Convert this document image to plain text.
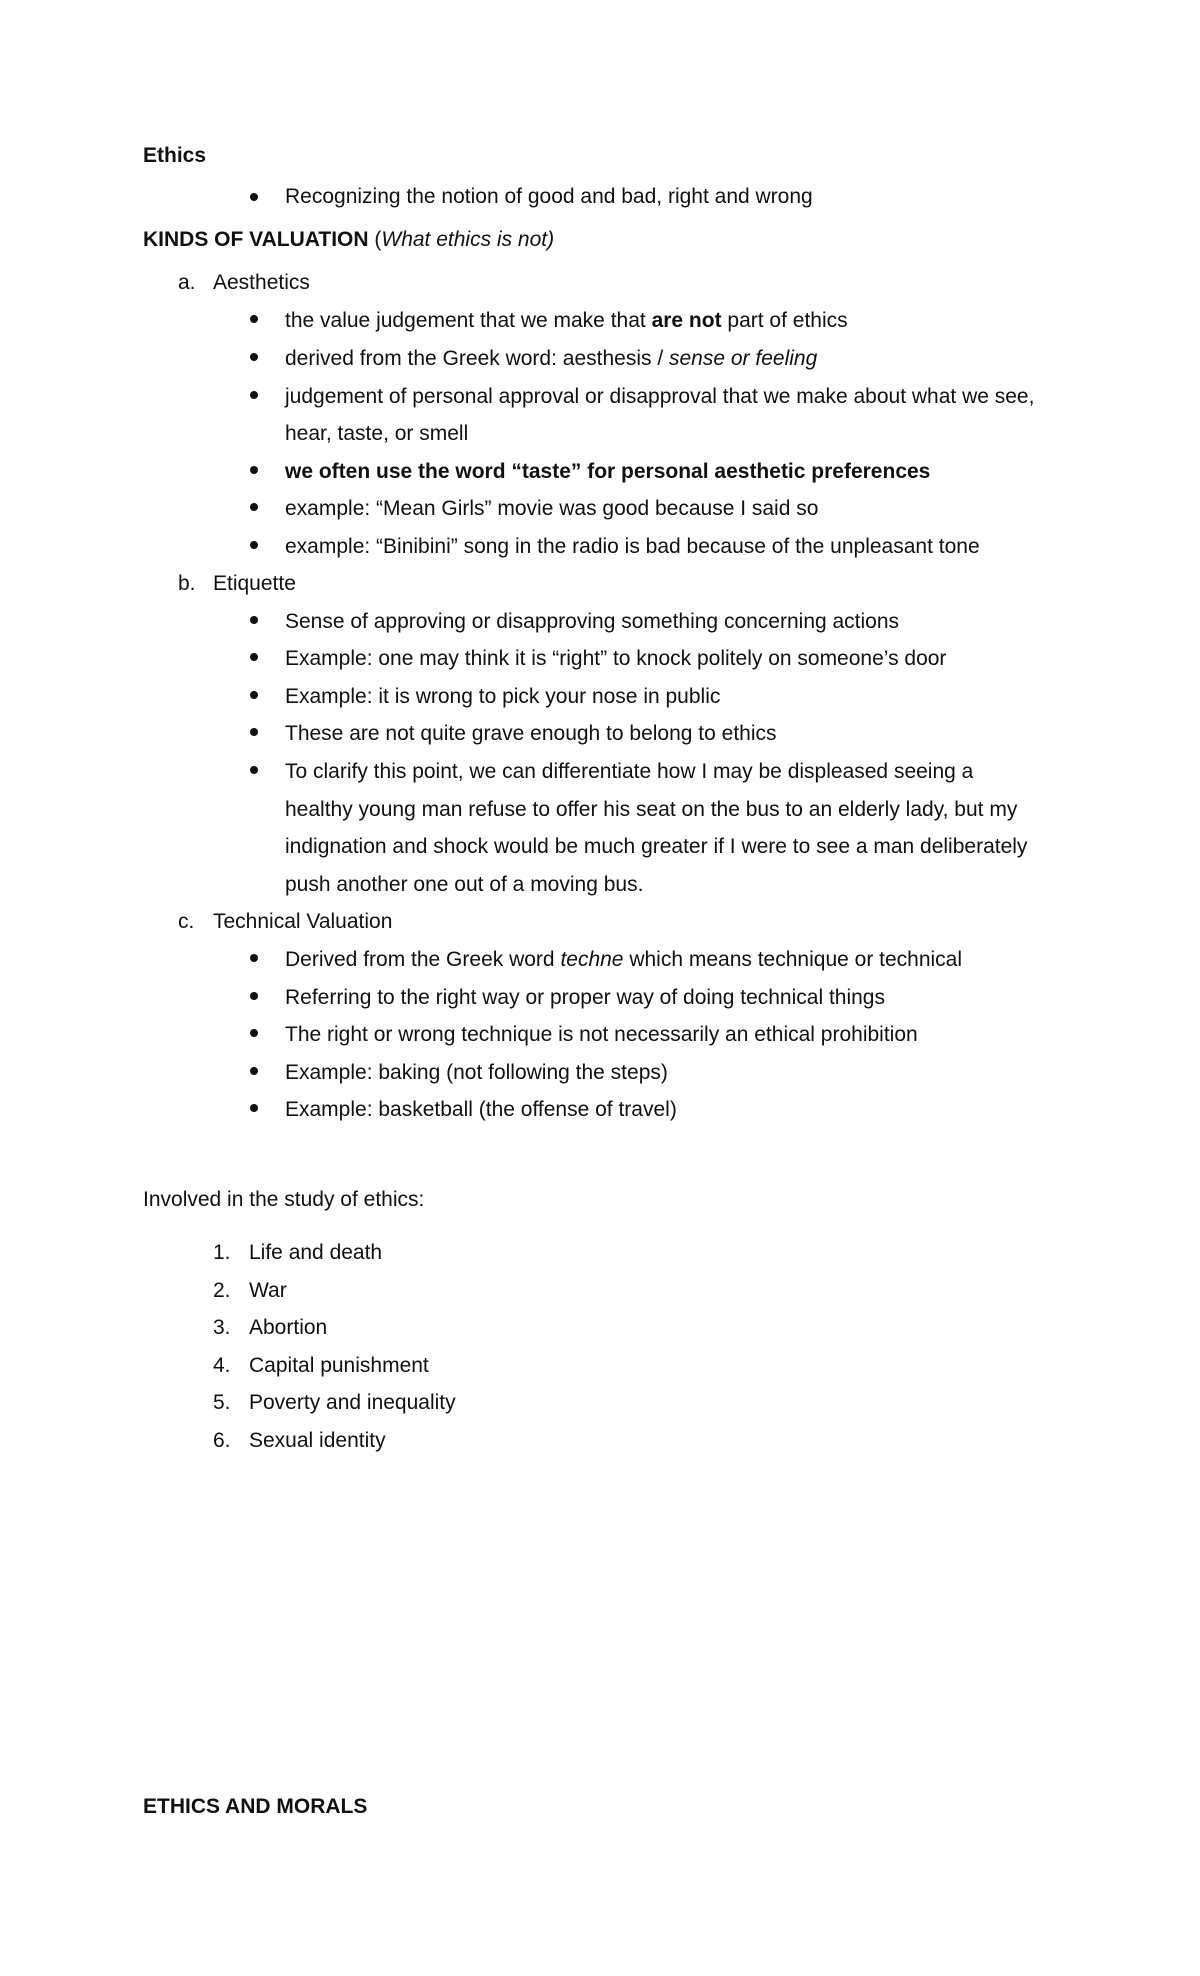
Ethics
Recognizing the notion of good and bad, right and wrong
KINDS OF VALUATION (What ethics is not)
a. Aesthetics
the value judgement that we make that are not part of ethics
derived from the Greek word: aesthesis / sense or feeling
judgement of personal approval or disapproval that we make about what we see,
hear, taste, or smell
we often use the word “taste” for personal aesthetic preferences
example: “Mean Girls” movie was good because I said so
example: “Binibini” song in the radio is bad because of the unpleasant tone
b. Etiquette
Sense of approving or disapproving something concerning actions
Example: one may think it is “right” to knock politely on someone’s door
Example: it is wrong to pick your nose in public
These are not quite grave enough to belong to ethics
To clarify this point, we can differentiate how I may be displeased seeing a
healthy young man refuse to offer his seat on the bus to an elderly lady, but my
indignation and shock would be much greater if I were to see a man deliberately
push another one out of a moving bus.
c. Technical Valuation
Derived from the Greek word techne which means technique or technical
Referring to the right way or proper way of doing technical things
The right or wrong technique is not necessarily an ethical prohibition
Example: baking (not following the steps)
Example: basketball (the offense of travel)
Involved in the study of ethics:
1. Life and death
2. War
3. Abortion
4. Capital punishment
5. Poverty and inequality
6. Sexual identity
ETHICS AND MORALS
